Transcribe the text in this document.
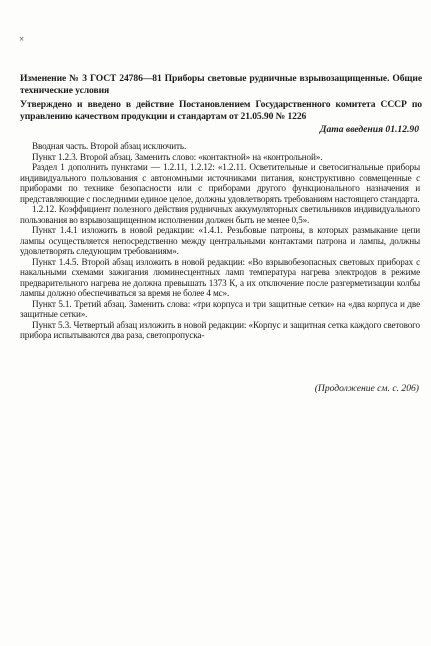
×
Изменение № 3 ГОСТ 24786—81 Приборы световые рудничные взрывозащищенные. Общие технические условия
Утверждено и введено в действие Постановлением Государственного комитета СССР по управлению качеством продукции и стандартам от 21.05.90 № 1226
Дата введения 01.12.90

Вводная часть. Второй абзац исключить.

Пункт 1.2.3. Второй абзац. Заменить слово: «контактной» на «контрольной».

Раздел 1 дополнить пунктами — 1.2.11, 1.2.12: «1.2.11. Осветительные и светосигнальные приборы индивидуального пользования с автономными источниками питания, конструктивно совмещенные с приборами по технике безопасности или с приборами другого функционального назначения и представляющие с последними единое целое, должны удовлетворять требованиям настоящего стандарта.

1.2.12. Коэффициент полезного действия рудничных аккумуляторных светильников индивидуального пользования во взрывозащищенном исполнении должен быть не менее 0,5».

Пункт 1.4.1 изложить в новой редакции: «1.4.1. Резьбовые патроны, в которых размыкание цепи лампы осуществляется непосредственно между центральными контактами патрона и лампы, должны удовлетворять следующим требованиям».

Пункт 1.4.5. Второй абзац изложить в новой редакции: «Во взрывобезопасных световых приборах с накальными схемами зажигания люминесцентных ламп температура нагрева электродов в режиме предварительного нагрева не должна превышать 1373 К, а их отключение после разгерметизации колбы лампы должно обеспечиваться за время не более 4 мс».

Пункт 5.1. Третий абзац. Заменить слова: «три корпуса и три защитные сетки» на «два корпуса и две защитные сетки».

Пункт 5.3. Четвертый абзац изложить в новой редакции: «Корпус и защитная сетка каждого светового прибора испытываются два раза, светопропуска-

(Продолжение см. с. 206)
